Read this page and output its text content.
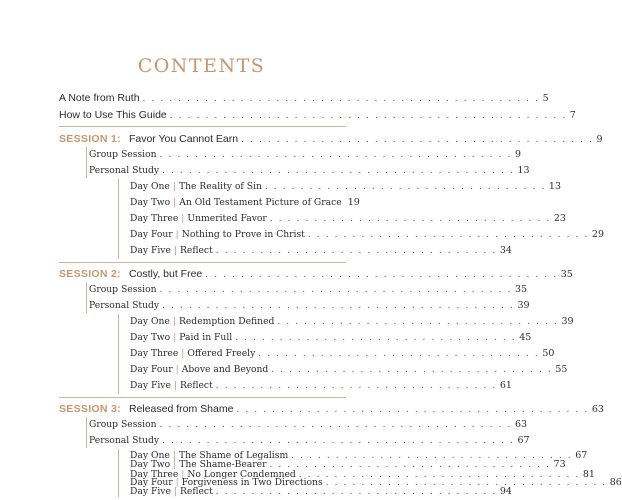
CONTENTS
A Note from Ruth . . . . . . . . . . . . . . . . . . . . . . . . . . . . . . . . . . . . . . . . . . . . . 5
How to Use This Guide . . . . . . . . . . . . . . . . . . . . . . . . . . . . . . . . . . . . . . . . . . . . . 7
SESSION 1: Favor You Cannot Earn . . . . . . . . . . . . . . . . . . . . . . . . . . . . . . . . . . . . . . . . 9
Group Session . . . . . . . . . . . . . . . . . . . . . . . . . . . . . . . . . . . . . . . . 9
Personal Study . . . . . . . . . . . . . . . . . . . . . . . . . . . . . . . . . . . . . . . . 13
Day One | The Reality of Sin . . . . . . . . . . . . . . . . . . . . . . . . . . . . . . . . 13
Day Two | An Old Testament Picture of Grace 19
Day Three | Unmerited Favor . . . . . . . . . . . . . . . . . . . . . . . . . . . . . . . . 23
Day Four | Nothing to Prove in Christ . . . . . . . . . . . . . . . . . . . . . . . . . . . . . . . . 29
Day Five | Reflect . . . . . . . . . . . . . . . . . . . . . . . . . . . . . . . . 34
SESSION 2: Costly, but Free . . . . . . . . . . . . . . . . . . . . . . . . . . . . . . . . . . . . . . . . 35
Group Session . . . . . . . . . . . . . . . . . . . . . . . . . . . . . . . . . . . . . . . . 35
Personal Study . . . . . . . . . . . . . . . . . . . . . . . . . . . . . . . . . . . . . . . . 39
Day One | Redemption Defined . . . . . . . . . . . . . . . . . . . . . . . . . . . . . . . . 39
Day Two | Paid in Full . . . . . . . . . . . . . . . . . . . . . . . . . . . . . . . . 45
Day Three | Offered Freely . . . . . . . . . . . . . . . . . . . . . . . . . . . . . . . . 50
Day Four | Above and Beyond . . . . . . . . . . . . . . . . . . . . . . . . . . . . . . . . 55
Day Five | Reflect . . . . . . . . . . . . . . . . . . . . . . . . . . . . . . . . 61
SESSION 3: Released from Shame . . . . . . . . . . . . . . . . . . . . . . . . . . . . . . . . . . . . . . . . 63
Group Session . . . . . . . . . . . . . . . . . . . . . . . . . . . . . . . . . . . . . . . . 63
Personal Study . . . . . . . . . . . . . . . . . . . . . . . . . . . . . . . . . . . . . . . . 67
Day One | The Shame of Legalism . . . . . . . . . . . . . . . . . . . . . . . . . . . . . . . . 67
Day Two | The Shame-Bearer . . . . . . . . . . . . . . . . . . . . . . . . . . . . . . . . 73
Day Three | No Longer Condemned . . . . . . . . . . . . . . . . . . . . . . . . . . . . . . . . 81
Day Four | Forgiveness in Two Directions . . . . . . . . . . . . . . . . . . . . . . . . . . . . . . . . 86
Day Five | Reflect . . . . . . . . . . . . . . . . . . . . . . . . . . . . . . . . 94
